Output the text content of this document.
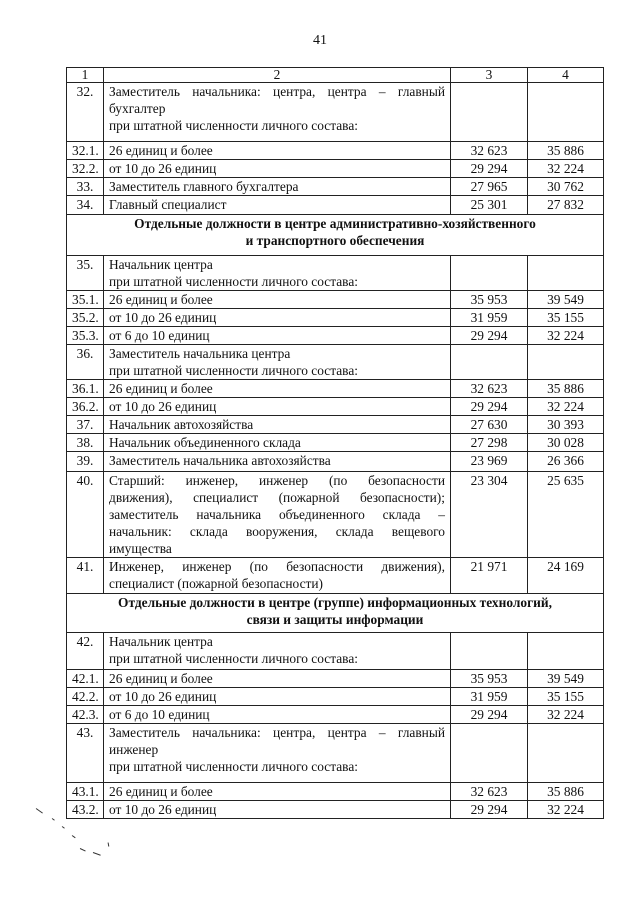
41
1	2	3	4
32.	Заместитель начальника: центра, центра – главный
бухгалтер
при штатной численности личного состава:		

32.1.	26 единиц и более	32 623	35 886
32.2.	от 10 до 26 единиц	29 294	32 224
33.	Заместитель главного бухгалтера	27 965	30 762
34.	Главный специалист	25 301	27 832

Отдельные должности в центре административно-хозяйственного
и транспортного обеспечения			

35.	Начальник центра
при штатной численности личного состава:		

35.1.	26 единиц и более	35 953	39 549
35.2.	от 10 до 26 единиц	31 959	35 155
35.3.	от 6 до 10 единиц	29 294	32 224
36.	Заместитель начальника центра
при штатной численности личного состава:		

36.1.	26 единиц и более	32 623	35 886
36.2.	от 10 до 26 единиц	29 294	32 224
37.	Начальник автохозяйства	27 630	30 393
38.	Начальник объединенного склада	27 298	30 028
39.	Заместитель начальника автохозяйства	23 969	26 366
40.	Старший: инженер, инженер (по безопасности
движения), специалист (пожарной безопасности);
заместитель начальника объединенного склада –
начальник: склада вооружения, склада вещевого
имущества	23 304	25 635
41.	Инженер, инженер (по безопасности движения),
специалист (пожарной безопасности)	21 971	24 169

Отдельные должности в центре (группе) информационных технологий,
связи и защиты информации			

42.	Начальник центра
при штатной численности личного состава:		

42.1.	26 единиц и более	35 953	39 549
42.2.	от 10 до 26 единиц	31 959	35 155
42.3.	от 6 до 10 единиц	29 294	32 224
43.	Заместитель начальника: центра, центра – главный
инженер
при штатной численности личного состава:		

43.1.	26 единиц и более	32 623	35 886
43.2.	от 10 до 26 единиц	29 294	32 224
